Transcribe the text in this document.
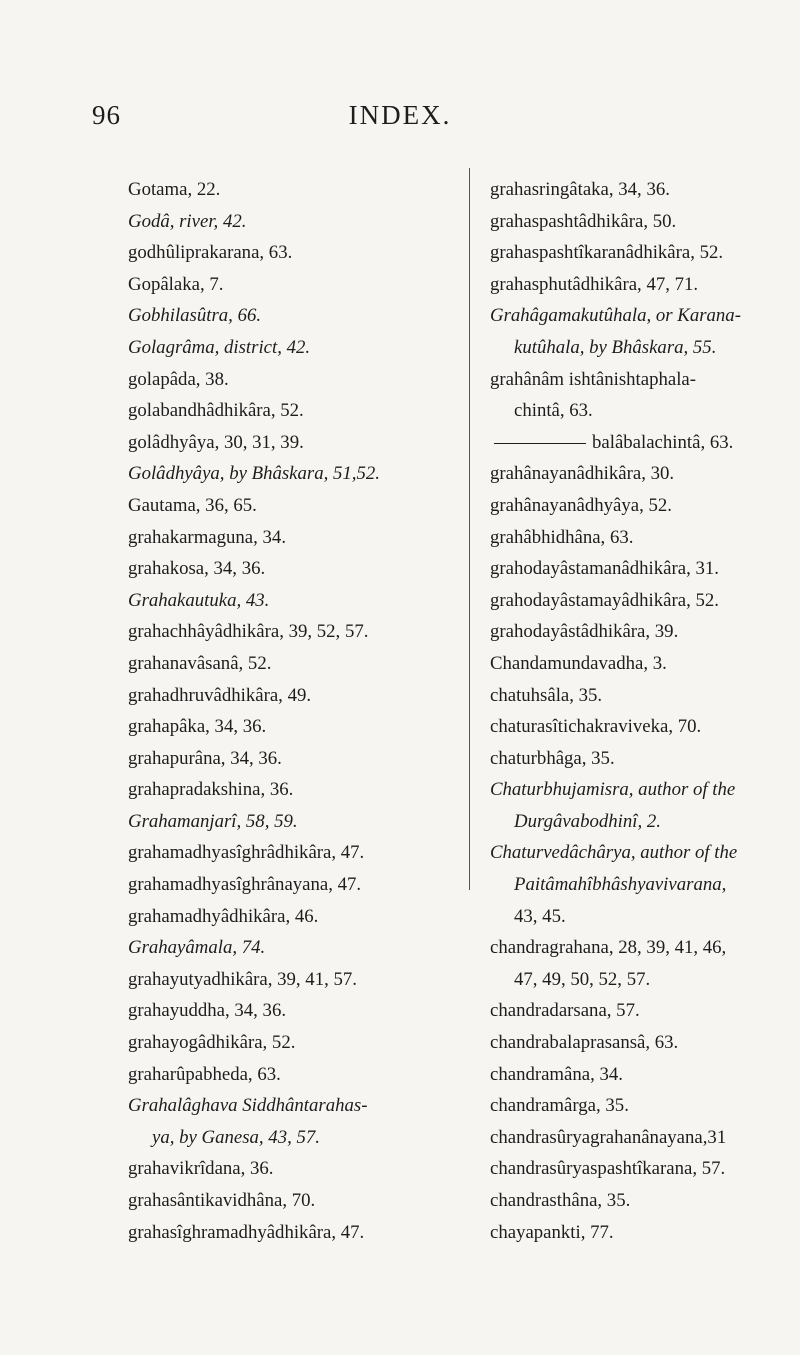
96	INDEX.
Gotama, 22.
Godâ, river, 42.
godhûliprakarana, 63.
Gopâlaka, 7.
Gobhilasûtra, 66.
Golagrâma, district, 42.
golapâda, 38.
golabandhâdhikâra, 52.
golâdhyâya, 30, 31, 39.
Golâdhyâya, by Bhâskara, 51,52.
Gautama, 36, 65.
grahakarmaguna, 34.
grahakosa, 34, 36.
Grahakautuka, 43.
grahachhâyâdhikâra, 39, 52, 57.
grahanavâsanâ, 52.
grahadhruvâdhikâra, 49.
grahapâka, 34, 36.
grahapurâna, 34, 36.
grahapradakshina, 36.
Grahamanjarî, 58, 59.
grahamadhyasîghrâdhikâra, 47.
grahamadhyasîghrânayana, 47.
grahamadhyâdhikâra, 46.
Grahayâmala, 74.
grahayutyadhikâra, 39, 41, 57.
grahayuddha, 34, 36.
grahayogâdhikâra, 52.
graharûpabheda, 63.
Grahalâghava Siddhântarahas-
ya, by Ganesa, 43, 57.
grahavikrîdana, 36.
grahasântikavidhâna, 70.
grahasîghramadhyâdhikâra, 47.
grahasringâtaka, 34, 36.
grahaspashtâdhikâra, 50.
grahaspashtîkaranâdhikâra, 52.
grahasphutâdhikâra, 47, 71.
Grahâgamakutûhala, or Karana-
kutûhala, by Bhâskara, 55.
grahânâm ishtânishtaphala-
chintâ, 63.
balâbalachintâ, 63.
grahânayanâdhikâra, 30.
grahânayanâdhyâya, 52.
grahâbhidhâna, 63.
grahodayâstamanâdhikâra, 31.
grahodayâstamayâdhikâra, 52.
grahodayâstâdhikâra, 39.
Chandamundavadha, 3.
chatuhsâla, 35.
chaturasîtichakraviveka, 70.
chaturbhâga, 35.
Chaturbhujamisra, author of the
Durgâvabodhinî, 2.
Chaturvedâchârya, author of the
Paitâmahîbhâshyavivarana,
43, 45.
chandragrahana, 28, 39, 41, 46,
47, 49, 50, 52, 57.
chandradarsana, 57.
chandrabalaprasansâ, 63.
chandramâna, 34.
chandramârga, 35.
chandrasûryagrahanânayana,31
chandrasûryaspashtîkarana, 57.
chandrasthâna, 35.
chayapankti, 77.
